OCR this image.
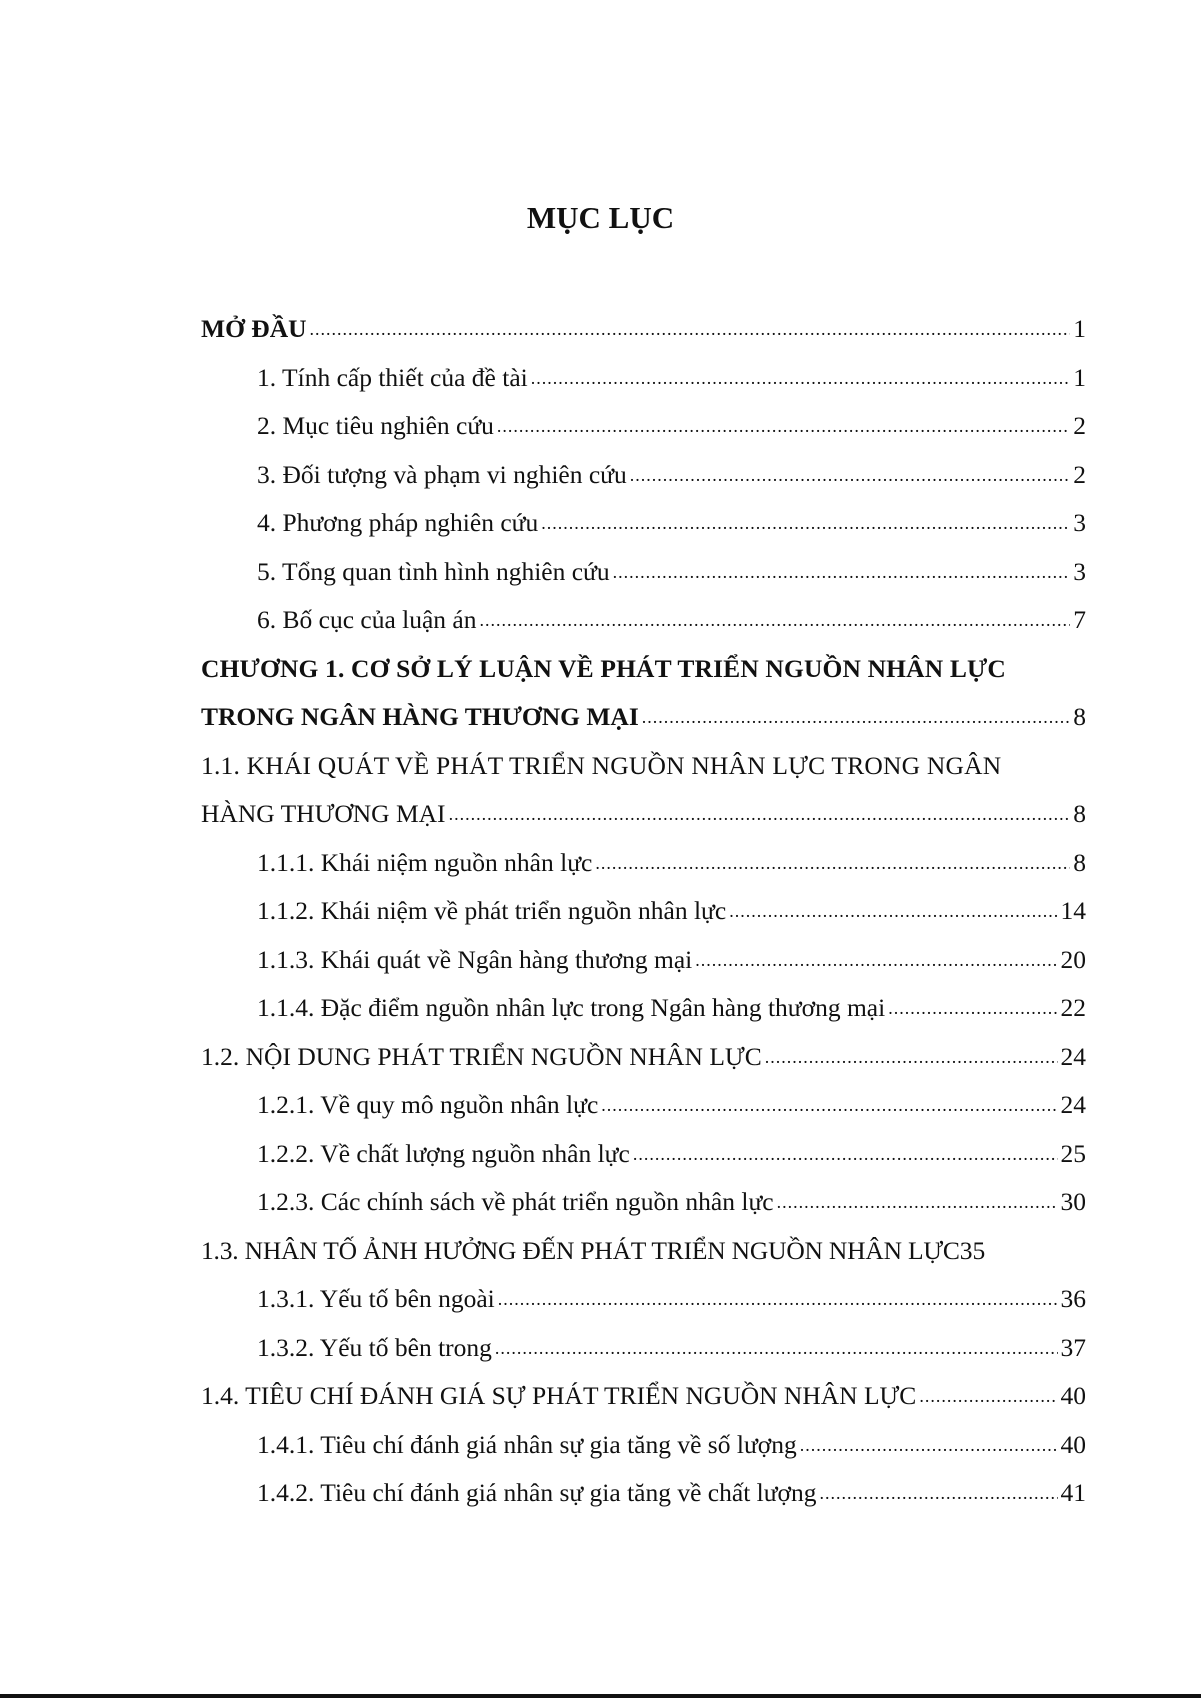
MỤC LỤC
MỞ ĐẦU .....	1
1. Tính cấp thiết của đề tài .....	1
2. Mục tiêu nghiên cứu .....	2
3. Đối tượng và phạm vi nghiên cứu .....	2
4. Phương pháp nghiên cứu .....	3
5. Tổng quan tình hình nghiên cứu .....	3
6. Bố cục của luận án .....	7
CHƯƠNG 1. CƠ SỞ LÝ LUẬN VỀ PHÁT TRIỂN NGUỒN NHÂN LỰC
TRONG NGÂN HÀNG THƯƠNG MẠI .....	8
1.1. KHÁI QUÁT VỀ PHÁT TRIỂN NGUỒN NHÂN LỰC TRONG NGÂN
HÀNG THƯƠNG MẠI .....	8
1.1.1. Khái niệm nguồn nhân lực .....	8
1.1.2. Khái niệm về phát triển nguồn nhân lực .....	14
1.1.3. Khái quát về Ngân hàng thương mại .....	20
1.1.4. Đặc điểm nguồn nhân lực trong Ngân hàng thương mại .....	22
1.2. NỘI DUNG PHÁT TRIỂN NGUỒN NHÂN LỰC .....	24
1.2.1. Về quy mô nguồn nhân lực .....	24
1.2.2. Về chất lượng nguồn nhân lực .....	25
1.2.3. Các chính sách về phát triển nguồn nhân lực .....	30
1.3. NHÂN TỐ ẢNH HƯỞNG ĐẾN PHÁT TRIỂN NGUỒN NHÂN LỰC 35
1.3.1. Yếu tố bên ngoài .....	36
1.3.2. Yếu tố bên trong .....	37
1.4. TIÊU CHÍ ĐÁNH GIÁ SỰ PHÁT TRIỂN NGUỒN NHÂN LỰC .....	40
1.4.1. Tiêu chí đánh giá nhân sự gia tăng về số lượng .....	40
1.4.2. Tiêu chí đánh giá nhân sự gia tăng về chất lượng .....	41
